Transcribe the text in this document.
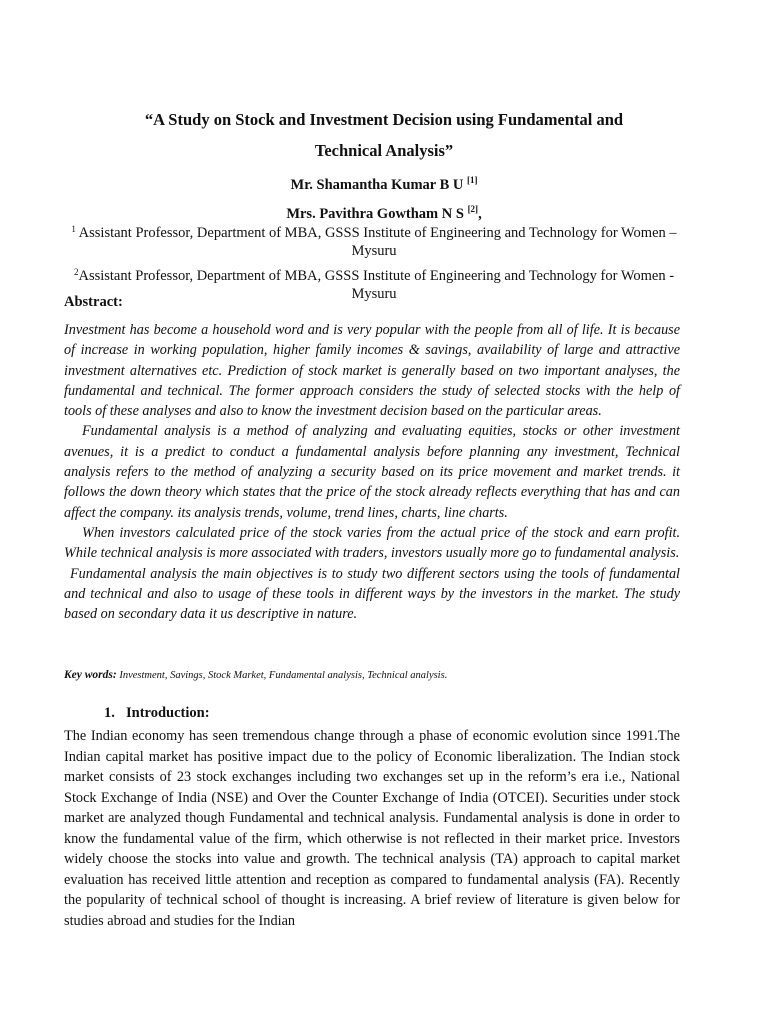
“A Study on Stock and Investment Decision using Fundamental and
Technical Analysis”
Mr. Shamantha Kumar B U [1]
Mrs. Pavithra Gowtham N S [2],
$^1$ Assistant Professor, Department of MBA, GSSS Institute of Engineering and Technology for Women –
Mysuru
$^2$Assistant Professor, Department of MBA, GSSS Institute of Engineering and Technology for Women -
Mysuru
Abstract:

Investment has become a household word and is very popular with the people from all of life. It is because of increase in working population, higher family incomes & savings, availability of large and attractive investment alternatives etc. Prediction of stock market is generally based on two important analyses, the fundamental and technical. The former approach considers the study of selected stocks with the help of tools of these analyses and also to know the investment decision based on the particular areas.

Fundamental analysis is a method of analyzing and evaluating equities, stocks or other investment avenues, it is a predict to conduct a fundamental analysis before planning any investment, Technical analysis refers to the method of analyzing a security based on its price movement and market trends. it follows the down theory which states that the price of the stock already reflects everything that has and can affect the company. its analysis trends, volume, trend lines, charts, line charts.

When investors calculated price of the stock varies from the actual price of the stock and earn profit. While technical analysis is more associated with traders, investors usually more go to fundamental analysis.

Fundamental analysis the main objectives is to study two different sectors using the tools of fundamental and technical and also to usage of these tools in different ways by the investors in the market. The study based on secondary data it us descriptive in nature.

Key words: Investment, Savings, Stock Market, Fundamental analysis, Technical analysis.
1. Introduction:

The Indian economy has seen tremendous change through a phase of economic evolution since 1991.The Indian capital market has positive impact due to the policy of Economic liberalization. The Indian stock market consists of 23 stock exchanges including two exchanges set up in the reform’s era i.e., National Stock Exchange of India (NSE) and Over the Counter Exchange of India (OTCEI). Securities under stock market are analyzed though Fundamental and technical analysis. Fundamental analysis is done in order to know the fundamental value of the firm, which otherwise is not reflected in their market price. Investors widely choose the stocks into value and growth. The technical analysis (TA) approach to capital market evaluation has received little attention and reception as compared to fundamental analysis (FA). Recently the popularity of technical school of thought is increasing. A brief review of literature is given below for studies abroad and studies for the Indian
